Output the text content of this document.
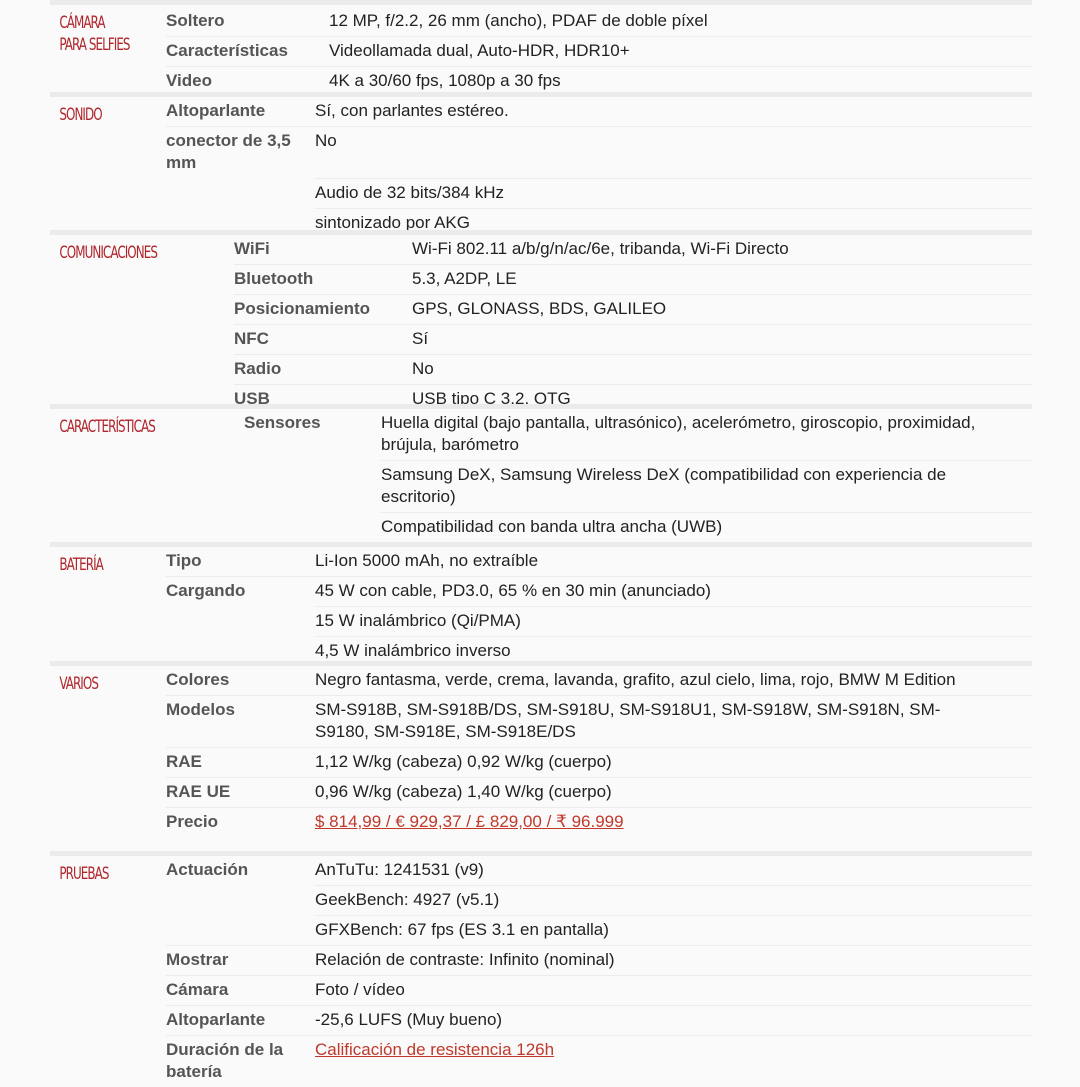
CÁMARA PARA SELFIES	Soltero	12 MP, f/2.2, 26 mm (ancho), PDAF de doble píxel
	Características	Videollamada dual, Auto-HDR, HDR10+
	Video	4K a 30/60 fps, 1080p a 30 fps
SONIDO	Altoparlante	Sí, con parlantes estéreo.
	conector de 3,5 mm	No
		Audio de 32 bits/384 kHz
		sintonizado por AKG
COMUNICACIONES	WiFi	Wi-Fi 802.11 a/b/g/n/ac/6e, tribanda, Wi-Fi Directo
	Bluetooth	5.3, A2DP, LE
	Posicionamiento	GPS, GLONASS, BDS, GALILEO
	NFC	Sí
	Radio	No
	USB	USB tipo C 3.2, OTG
CARACTERÍSTICAS	Sensores	Huella digital (bajo pantalla, ultrasónico), acelerómetro, giroscopio, proximidad, brújula, barómetro
		Samsung DeX, Samsung Wireless DeX (compatibilidad con experiencia de escritorio)
		Compatibilidad con banda ultra ancha (UWB)
BATERÍA	Tipo	Li-Ion 5000 mAh, no extraíble
	Cargando	45 W con cable, PD3.0, 65 % en 30 min (anunciado)
		15 W inalámbrico (Qi/PMA)
		4,5 W inalámbrico inverso
VARIOS	Colores	Negro fantasma, verde, crema, lavanda, grafito, azul cielo, lima, rojo, BMW M Edition
	Modelos	SM-S918B, SM-S918B/DS, SM-S918U, SM-S918U1, SM-S918W, SM-S918N, SM-S9180, SM-S918E, SM-S918E/DS
	RAE	1,12 W/kg (cabeza) 0,92 W/kg (cuerpo)
	RAE UE	0,96 W/kg (cabeza) 1,40 W/kg (cuerpo)
	Precio	$ 814,99 / € 929,37 / £ 829,00 / ₹ 96.999
PRUEBAS	Actuación	AnTuTu: 1241531 (v9)
		GeekBench: 4927 (v5.1)
		GFXBench: 67 fps (ES 3.1 en pantalla)
	Mostrar	Relación de contraste: Infinito (nominal)
	Cámara	Foto / vídeo
	Altoparlante	-25,6 LUFS (Muy bueno)
	Duración de la batería	Calificación de resistencia 126h
